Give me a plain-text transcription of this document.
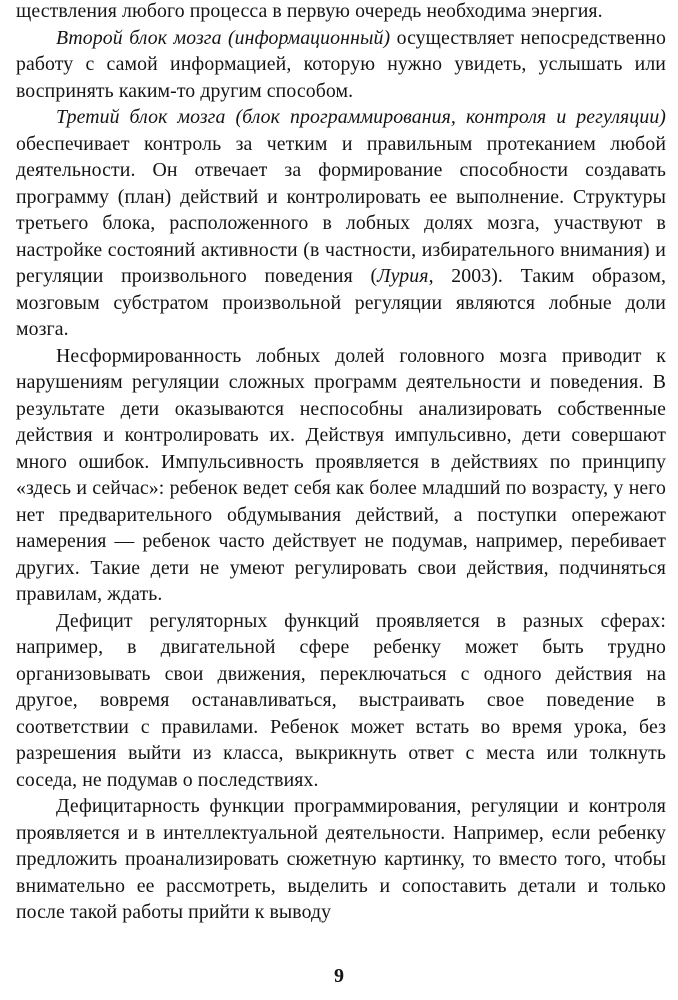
ществления любого процесса в первую очередь необходима энергия.

Второй блок мозга (информационный) осуществляет непосредственно работу с самой информацией, которую нужно увидеть, услышать или воспринять каким-то другим способом.

Третий блок мозга (блок программирования, контроля и регуляции) обеспечивает контроль за четким и правильным протеканием любой деятельности. Он отвечает за формирование способности создавать программу (план) действий и контролировать ее выполнение. Структуры третьего блока, расположенного в лобных долях мозга, участвуют в настройке состояний активности (в частности, избирательного внимания) и регуляции произвольного поведения (Лурия, 2003). Таким образом, мозговым субстратом произвольной регуляции являются лобные доли мозга.

Несформированность лобных долей головного мозга приводит к нарушениям регуляции сложных программ деятельности и поведения. В результате дети оказываются неспособны анализировать собственные действия и контролировать их. Действуя импульсивно, дети совершают много ошибок. Импульсивность проявляется в действиях по принципу «здесь и сейчас»: ребенок ведет себя как более младший по возрасту, у него нет предварительного обдумывания действий, а поступки опережают намерения — ребенок часто действует не подумав, например, перебивает других. Такие дети не умеют регулировать свои действия, подчиняться правилам, ждать.

Дефицит регуляторных функций проявляется в разных сферах: например, в двигательной сфере ребенку может быть трудно организовывать свои движения, переключаться с одного действия на другое, вовремя останавливаться, выстраивать свое поведение в соответствии с правилами. Ребенок может встать во время урока, без разрешения выйти из класса, выкрикнуть ответ с места или толкнуть соседа, не подумав о последствиях.

Дефицитарность функции программирования, регуляции и контроля проявляется и в интеллектуальной деятельности. Например, если ребенку предложить проанализировать сюжетную картинку, то вместо того, чтобы внимательно ее рассмотреть, выделить и сопоставить детали и только после такой работы прийти к выводу

9
